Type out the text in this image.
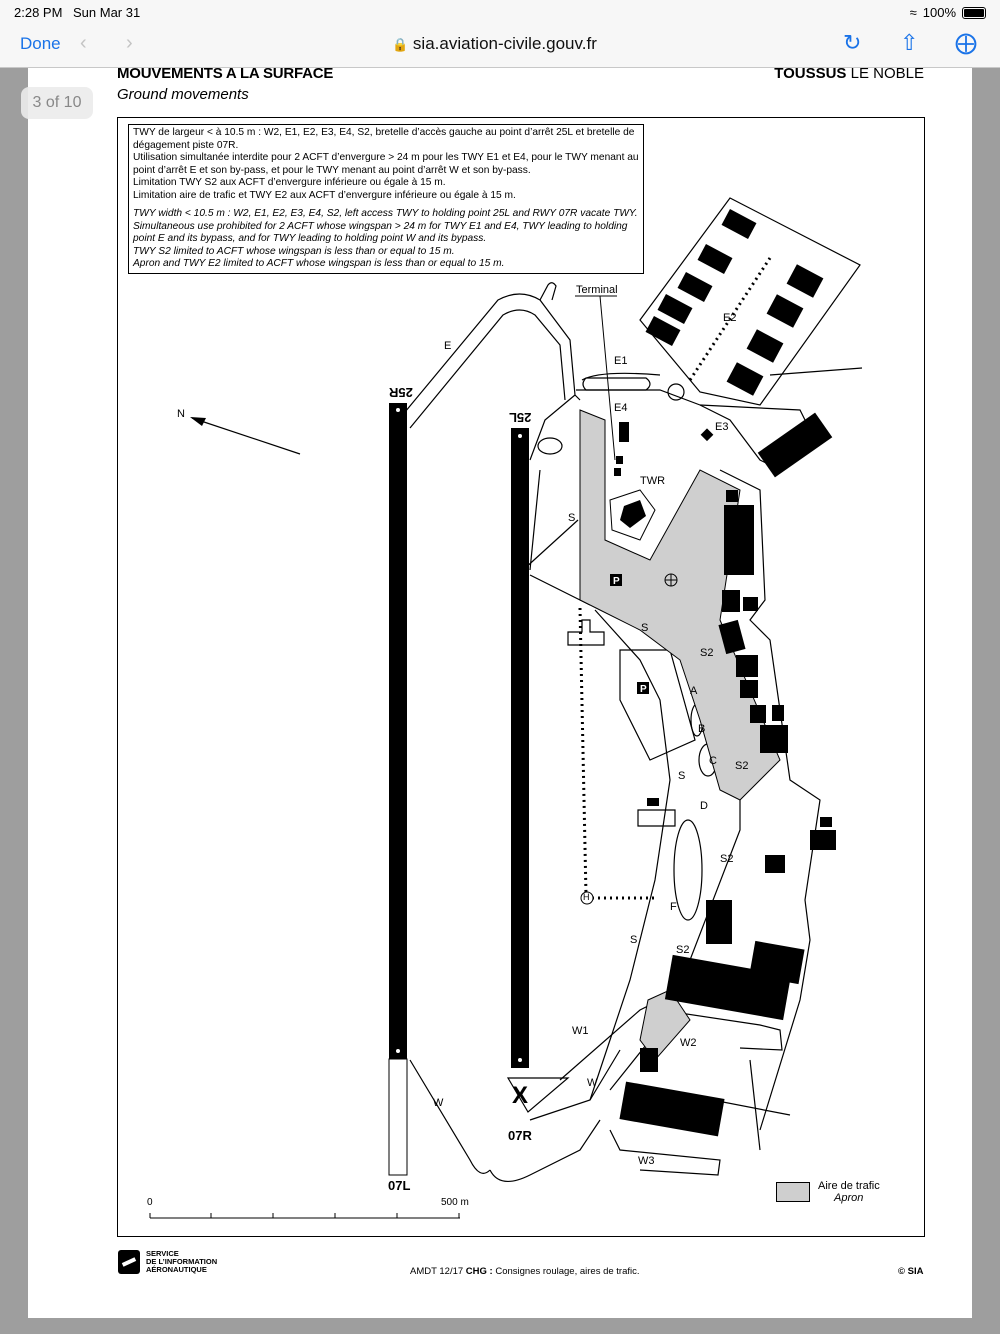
2:28 PM Sun Mar 31	≈ 100%
Done ‹ ›	🔒 sia.aviation-civile.gouv.fr	↻ ⇧ ⨁
3 of 10
MOUVEMENTS A LA SURFACE
Ground movements
TOUSSUS LE NOBLE
P
P

TWY de largeur < à 10.5 m : W2, E1, E2, E3, E4, S2, bretelle d’accès gauche au point d’arrêt 25L et bretelle de dégagement piste 07R.

Utilisation simultanée interdite pour 2 ACFT d’envergure > 24 m pour les TWY E1 et E4, pour le TWY menant au point d’arrêt E et son by-pass, et pour le TWY menant au point d’arrêt W et son by-pass.

Limitation TWY S2 aux ACFT d’envergure inférieure ou égale à 15 m.

Limitation aire de trafic et TWY E2 aux ACFT d’envergure inférieure ou égale à 15 m.

TWY width < 10.5 m : W2, E1, E2, E3, E4, S2, left access TWY to holding point 25L and RWY 07R vacate TWY.

Simultaneous use prohibited for 2 ACFT whose wingspan > 24 m for TWY E1 and E4, TWY leading to holding point E and its bypass, and for TWY leading to holding point W and its bypass.

TWY S2 limited to ACFT whose wingspan is less than or equal to 15 m.

Apron and TWY E2 limited to ACFT whose wingspan is less than or equal to 15 m.

Terminal
TWR
N
25R
25L
07L
07R
X
E
E1
E2
E3
E4
S
S
S
S
S2
S2
S2
S2
A
B
C
D
F
W1
W2
W3
W
W
H
0	500 m
Aire de trafic
Apron
SERVICE
DE L’INFORMATION
AÉRONAUTIQUE	AMDT 12/17 CHG : Consignes roulage, aires de trafic.	© SIA
